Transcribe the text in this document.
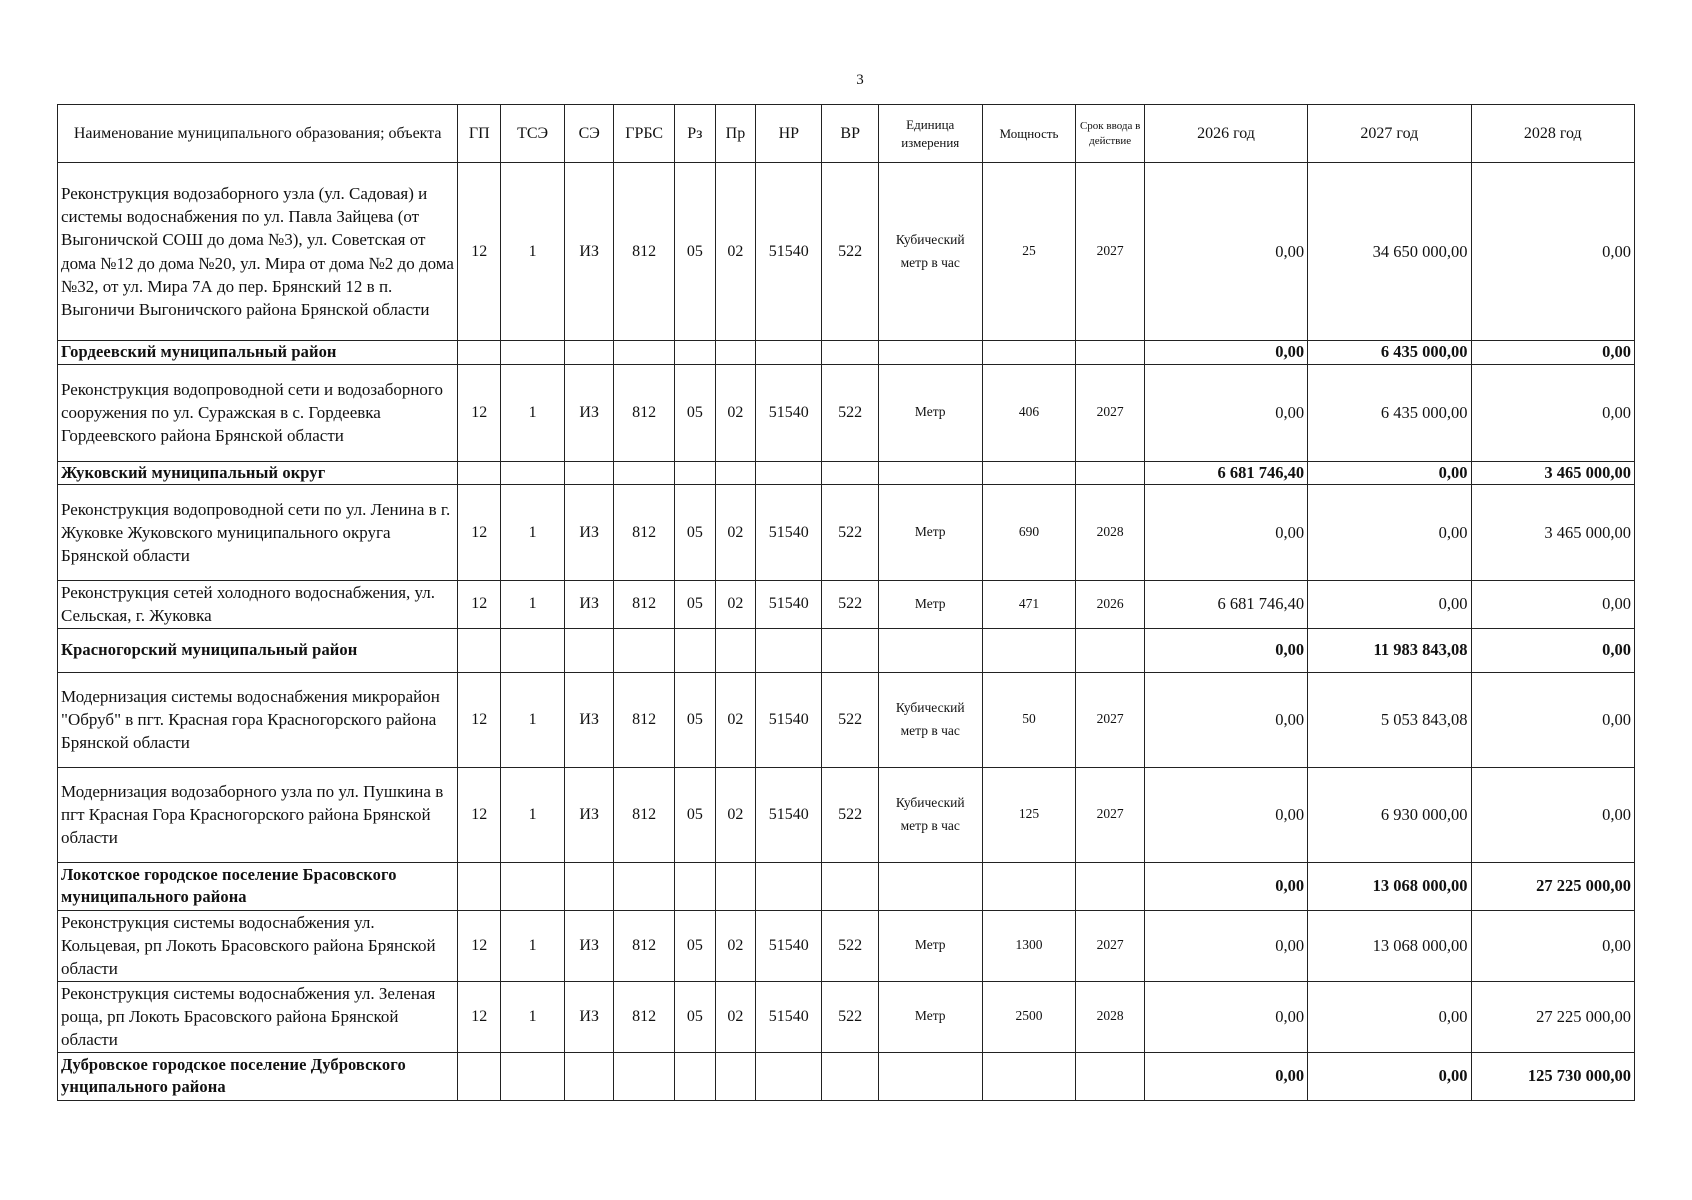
3
Наименование муниципального образования; объекта	ГП	ТСЭ	СЭ	ГРБС	Рз	Пр	НР	ВР	Единица измерения	Мощность	Срок ввода в действие	2026 год	2027 год	2028 год
Реконструкция водозаборного узла (ул. Садовая) и системы водоснабжения по ул. Павла Зайцева (от Выгоничской СОШ до дома №3), ул. Советская от дома №12 до дома №20, ул. Мира от дома №2 до дома №32, от ул. Мира 7А до пер. Брянский 12 в п. Выгоничи Выгоничского района Брянской области	12	1	ИЗ	812	05	02	51540	522	Кубический метр в час	25	2027	0,00	34 650 000,00	0,00
Гордеевский муниципальный район												0,00	6 435 000,00	0,00
Реконструкция водопроводной сети и водозаборного сооружения по ул. Суражская в с. Гордеевка Гордеевского района Брянской области	12	1	ИЗ	812	05	02	51540	522	Метр	406	2027	0,00	6 435 000,00	0,00
Жуковский муниципальный округ												6 681 746,40	0,00	3 465 000,00
Реконструкция водопроводной сети по ул. Ленина в г. Жуковке Жуковского муниципального округа Брянской области	12	1	ИЗ	812	05	02	51540	522	Метр	690	2028	0,00	0,00	3 465 000,00
Реконструкция сетей холодного водоснабжения, ул. Сельская, г. Жуковка	12	1	ИЗ	812	05	02	51540	522	Метр	471	2026	6 681 746,40	0,00	0,00
Красногорский муниципальный район												0,00	11 983 843,08	0,00
Модернизация системы водоснабжения микрорайон "Обруб" в пгт. Красная гора Красногорского района Брянской области	12	1	ИЗ	812	05	02	51540	522	Кубический метр в час	50	2027	0,00	5 053 843,08	0,00
Модернизация водозаборного узла по ул. Пушкина в пгт Красная Гора Красногорского района Брянской области	12	1	ИЗ	812	05	02	51540	522	Кубический метр в час	125	2027	0,00	6 930 000,00	0,00
Локотское городское поселение Брасовского муниципального района												0,00	13 068 000,00	27 225 000,00
Реконструкция системы водоснабжения ул. Кольцевая, рп Локоть Брасовского района Брянской области	12	1	ИЗ	812	05	02	51540	522	Метр	1300	2027	0,00	13 068 000,00	0,00
Реконструкция системы водоснабжения ул. Зеленая роща, рп Локоть Брасовского района Брянской области	12	1	ИЗ	812	05	02	51540	522	Метр	2500	2028	0,00	0,00	27 225 000,00
Дубровское городское поселение Дубровского унципального района												0,00	0,00	125 730 000,00
